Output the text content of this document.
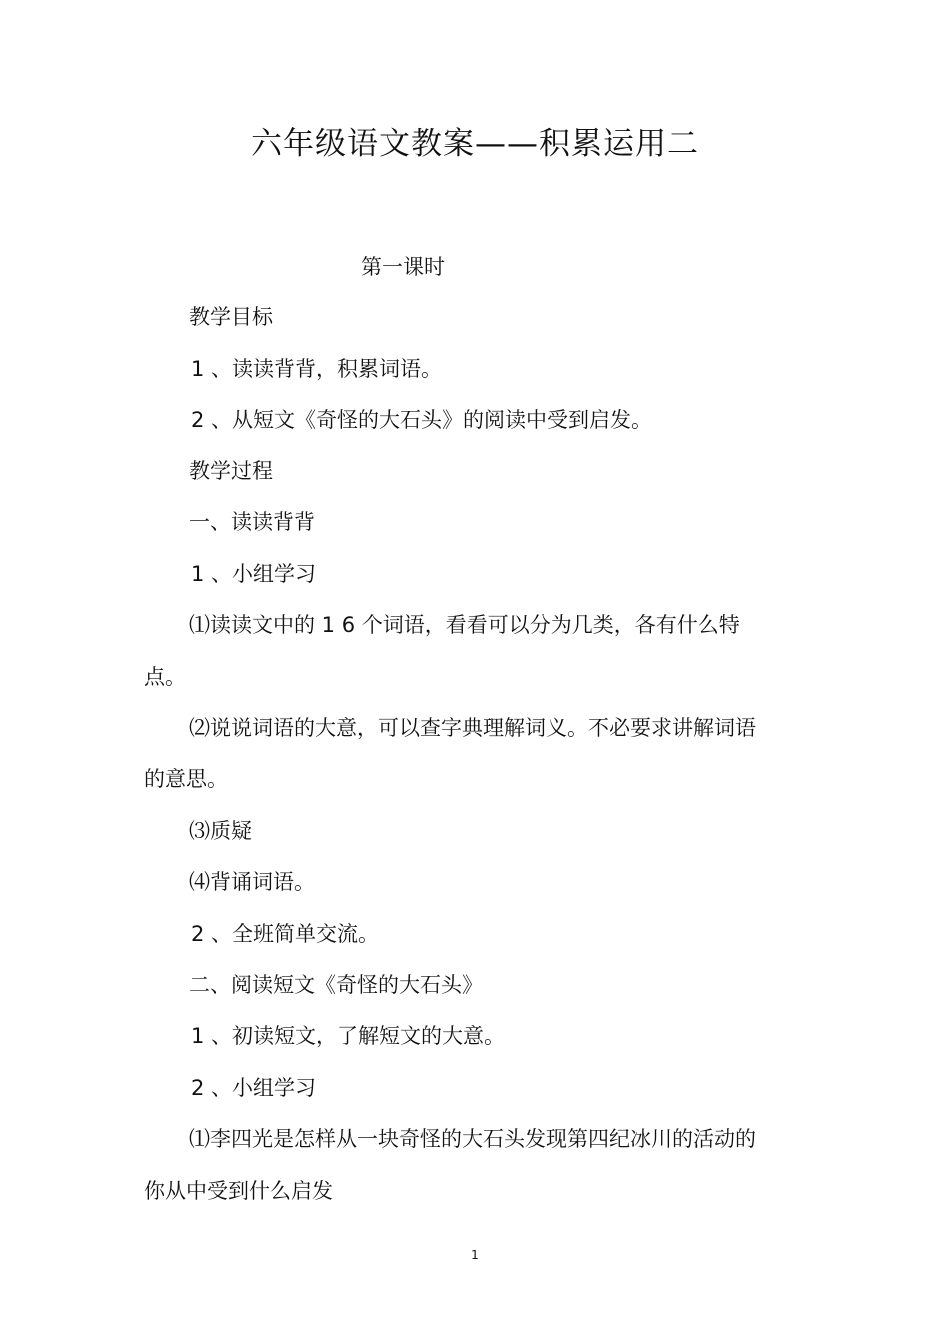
六年级语文教案——积累运用二
第一课时
教学目标
1 、读读背背，积累词语。
2 、从短文《奇怪的大石头》的阅读中受到启发。
教学过程
一、读读背背
1 、小组学习
⑴读读文中的 1 6 个词语，看看可以分为几类，各有什么特
点。
⑵说说词语的大意，可以查字典理解词义。不必要求讲解词语
的意思。
⑶质疑
⑷背诵词语。
2 、全班简单交流。
二、阅读短文《奇怪的大石头》
1 、初读短文，了解短文的大意。
2 、小组学习
⑴李四光是怎样从一块奇怪的大石头发现第四纪冰川的活动的
你从中受到什么启发
1
